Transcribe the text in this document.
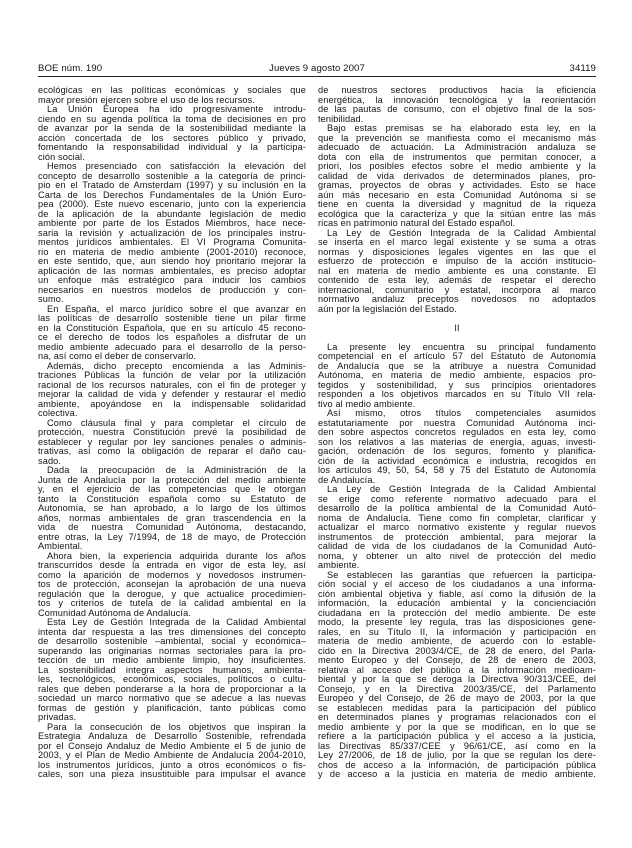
BOE núm. 190	Jueves 9 agosto 2007	34119
ecológicas en las políticas económicas y sociales que
mayor presión ejercen sobre el uso de los recursos.
La Unión Europea ha ido progresivamente introdu-
ciendo en su agenda política la toma de decisiones en pro
de avanzar por la senda de la sostenibilidad mediante la
acción concertada de los sectores público y privado,
fomentando la responsabilidad individual y la participa-
ción social.
Hemos presenciado con satisfacción la elevación del
concepto de desarrollo sostenible a la categoría de princi-
pio en el Tratado de Amsterdam (1997) y su inclusión en la
Carta de los Derechos Fundamentales de la Unión Euro-
pea (2000). Este nuevo escenario, junto con la experiencia
de la aplicación de la abundante legislación de medio
ambiente por parte de los Estados Miembros, hace nece-
saria la revisión y actualización de los principales instru-
mentos jurídicos ambientales. El VI Programa Comunita-
rio en materia de medio ambiente (2001-2010) reconoce,
en este sentido, que, aun siendo hoy prioritario mejorar la
aplicación de las normas ambientales, es preciso adoptar
un enfoque más estratégico para inducir los cambios
necesarios en nuestros modelos de producción y con-
sumo.
En España, el marco jurídico sobre el que avanzar en
las políticas de desarrollo sostenible tiene un pilar firme
en la Constitución Española, que en su artículo 45 recono-
ce el derecho de todos los españoles a disfrutar de un
medio ambiente adecuado para el desarrollo de la perso-
na, así como el deber de conservarlo.
Además, dicho precepto encomienda a las Adminis-
traciones Públicas la función de velar por la utilización
racional de los recursos naturales, con el fin de proteger y
mejorar la calidad de vida y defender y restaurar el medio
ambiente, apoyándose en la indispensable solidaridad
colectiva.
Como cláusula final y para completar el círculo de
protección, nuestra Constitución prevé la posibilidad de
establecer y regular por ley sanciones penales o adminis-
trativas, así como la obligación de reparar el daño cau-
sado.
Dada la preocupación de la Administración de la
Junta de Andalucía por la protección del medio ambiente
y, en el ejercicio de las competencias que le otorgan
tanto la Constitución española como su Estatuto de
Autonomía, se han aprobado, a lo largo de los últimos
años, normas ambientales de gran trascendencia en la
vida de nuestra Comunidad Autónoma, destacando,
entre otras, la Ley 7/1994, de 18 de mayo, de Protección
Ambiental.
Ahora bien, la experiencia adquirida durante los años
transcurridos desde la entrada en vigor de esta ley, así
como la aparición de modernos y novedosos instrumen-
tos de protección, aconsejan la aprobación de una nueva
regulación que la derogue, y que actualice procedimien-
tos y criterios de tutela de la calidad ambiental en la
Comunidad Autónoma de Andalucía.
Esta Ley de Gestión Integrada de la Calidad Ambiental
intenta dar respuesta a las tres dimensiones del concepto
de desarrollo sostenible –ambiental, social y económica–
superando las originarias normas sectoriales para la pro-
tección de un medio ambiente limpio, hoy insuficientes.
La sostenibilidad integra aspectos humanos, ambienta-
les, tecnológicos, económicos, sociales, políticos o cultu-
rales que deben ponderarse a la hora de proporcionar a la
sociedad un marco normativo que se adecue a las nuevas
formas de gestión y planificación, tanto públicas como
privadas.
Para la consecución de los objetivos que inspiran la
Estrategia Andaluza de Desarrollo Sostenible, refrendada
por el Consejo Andaluz de Medio Ambiente el 5 de junio de
2003, y el Plan de Medio Ambiente de Andalucía 2004-2010,
los instrumentos jurídicos, junto a otros económicos o fis-
cales, son una pieza insustituible para impulsar el avance
de nuestros sectores productivos hacia la eficiencia
energética, la innovación tecnológica y la reorientación
de las pautas de consumo, con el objetivo final de la sos-
tenibilidad.
Bajo estas premisas se ha elaborado esta ley, en la
que la prevención se manifiesta como el mecanismo más
adecuado de actuación. La Administración andaluza se
dota con ella de instrumentos que permitan conocer, a
priori, los posibles efectos sobre el medio ambiente y la
calidad de vida derivados de determinados planes, pro-
gramas, proyectos de obras y actividades. Esto se hace
aún más necesario en esta Comunidad Autónoma si se
tiene en cuenta la diversidad y magnitud de la riqueza
ecológica que la caracteriza y que la sitúan entre las más
ricas en patrimonio natural del Estado español.
La Ley de Gestión Integrada de la Calidad Ambiental
se inserta en el marco legal existente y se suma a otras
normas y disposiciones legales vigentes en las que el
esfuerzo de protección e impulso de la acción institucio-
nal en materia de medio ambiente es una constante. El
contenido de esta ley, además de respetar el derecho
internacional, comunitario y estatal, incorpora al marco
normativo andaluz preceptos novedosos no adoptados
aún por la legislación del Estado.
II
La presente ley encuentra su principal fundamento
competencial en el artículo 57 del Estatuto de Autonomía
de Andalucía que se la atribuye a nuestra Comunidad
Autónoma, en materia de medio ambiente, espacios pro-
tegidos y sostenibilidad, y sus principios orientadores
responden a los objetivos marcados en su Título VII rela-
tivo al medio ambiente.
Así mismo, otros títulos competenciales asumidos
estatutariamente por nuestra Comunidad Autónoma inci-
den sobre aspectos concretos regulados en esta ley, como
son los relativos a las materias de energía, aguas, investi-
gación, ordenación de los seguros, fomento y planifica-
ción de la actividad económica e industria, recogidos en
los artículos 49, 50, 54, 58 y 75 del Estatuto de Autonomía
de Andalucía.
La Ley de Gestión Integrada de la Calidad Ambiental
se erige como referente normativo adecuado para el
desarrollo de la política ambiental de la Comunidad Autó-
noma de Andalucía. Tiene como fin completar, clarificar y
actualizar el marco normativo existente y regular nuevos
instrumentos de protección ambiental, para mejorar la
calidad de vida de los ciudadanos de la Comunidad Autó-
noma, y obtener un alto nivel de protección del medio
ambiente.
Se establecen las garantías que refuercen la participa-
ción social y el acceso de los ciudadanos a una informa-
ción ambiental objetiva y fiable, así como la difusión de la
información, la educación ambiental y la concienciación
ciudadana en la protección del medio ambiente. De este
modo, la presente ley regula, tras las disposiciones gene-
rales, en su Título II, la información y participación en
materia de medio ambiente, de acuerdo con lo estable-
cido en la Directiva 2003/4/CE, de 28 de enero, del Parla-
mento Europeo y del Consejo, de 28 de enero de 2003,
relativa al acceso del público a la información medioam-
biental y por la que se deroga la Directiva 90/313/CEE, del
Consejo, y en la Directiva 2003/35/CE, del Parlamento
Europeo y del Consejo, de 26 de mayo de 2003, por la que
se establecen medidas para la participación del público
en determinados planes y programas relacionados con el
medio ambiente y por la que se modifican, en lo que se
refiere a la participación pública y el acceso a la justicia,
las Directivas 85/337/CEE y 96/61/CE, así como en la
Ley 27/2006, de 18 de julio, por la que se regulan los dere-
chos de acceso a la información, de participación pública
y de acceso a la justicia en materia de medio ambiente.
